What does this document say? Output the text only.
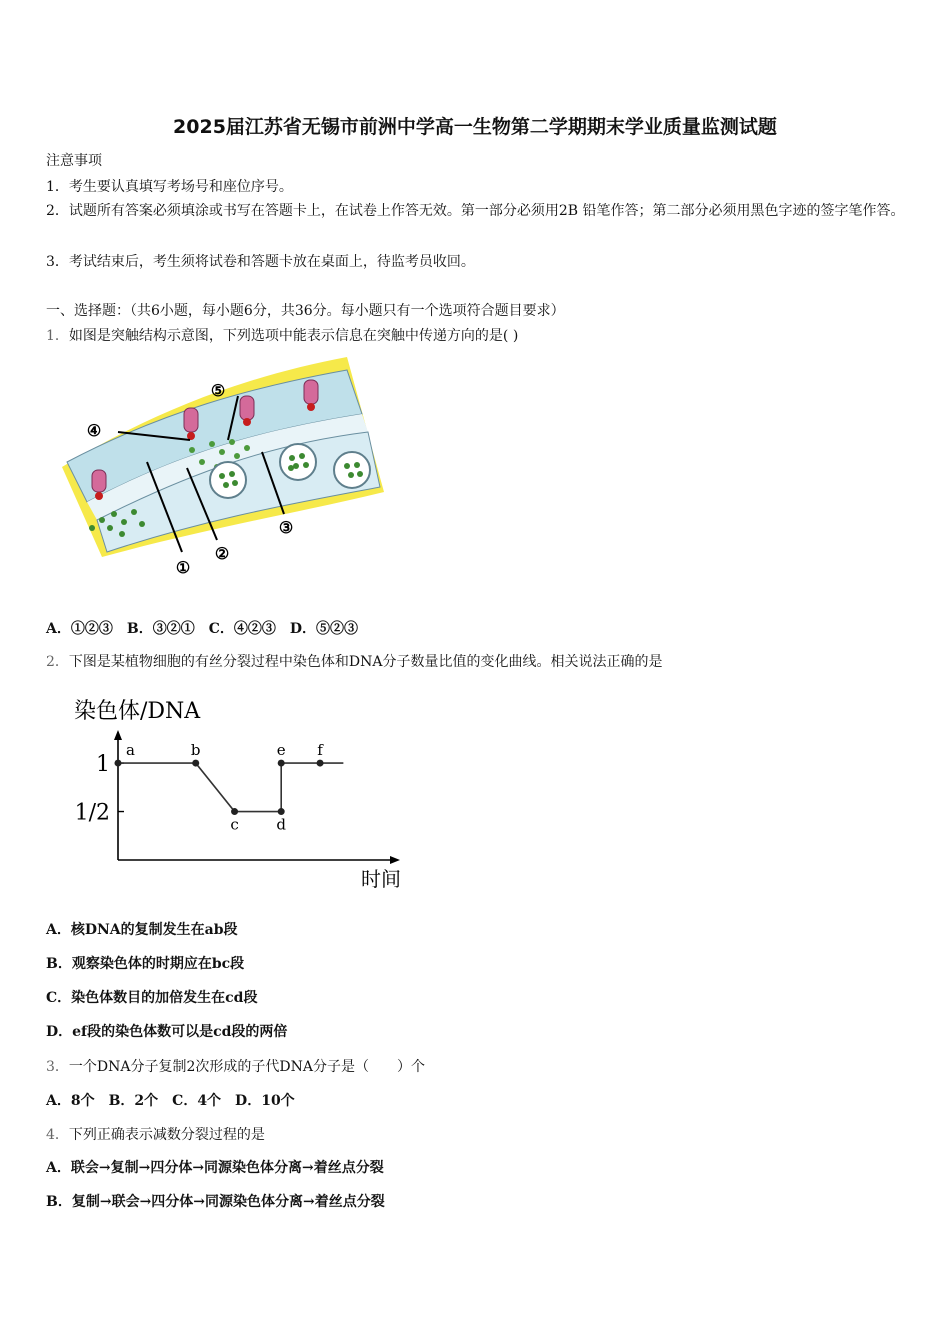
2025届江苏省无锡市前洲中学高一生物第二学期期末学业质量监测试题
注意事项
1．考生要认真填写考场号和座位序号。
2．试题所有答案必须填涂或书写在答题卡上，在试卷上作答无效。第一部分必须用2B 铅笔作答；第二部分必须用黑色字迹的签字笔作答。
3．考试结束后，考生须将试卷和答题卡放在桌面上，待监考员收回。
一、选择题：（共6小题，每小题6分，共36分。每小题只有一个选项符合题目要求）
1．如图是突触结构示意图，下列选项中能表示信息在突触中传递方向的是( )
④
⑤
①
②
③
A．①②③　B．③②①　C．④②③　D．⑤②③
2．下图是某植物细胞的有丝分裂过程中染色体和DNA分子数量比值的变化曲线。相关说法正确的是
染色体/DNA
时间
1
1/2
a	b
c	d
e f
A．核DNA的复制发生在ab段
B．观察染色体的时期应在bc段
C．染色体数目的加倍发生在cd段
D．ef段的染色体数可以是cd段的两倍
3．一个DNA分子复制2次形成的子代DNA分子是（　　）个
A．8个　B．2个　C．4个　D．10个
4．下列正确表示减数分裂过程的是
A．联会→复制→四分体→同源染色体分离→着丝点分裂
B．复制→联会→四分体→同源染色体分离→着丝点分裂
